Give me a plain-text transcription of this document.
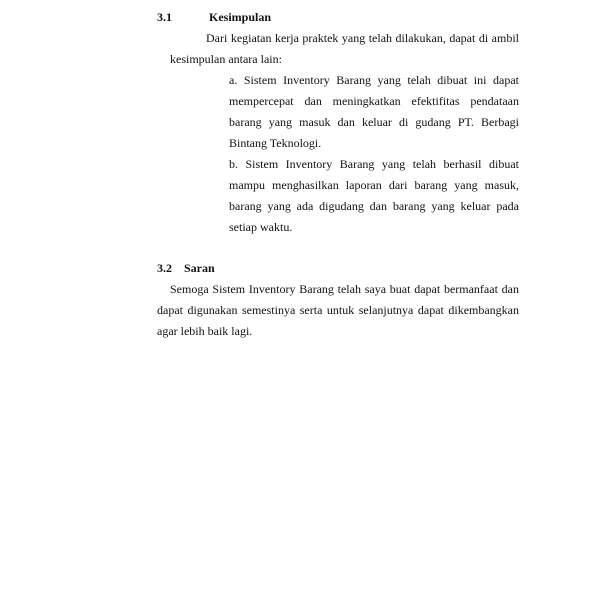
3.1	Kesimpulan
Dari kegiatan kerja praktek yang telah dilakukan, dapat di ambil
kesimpulan antara lain:
a. Sistem Inventory Barang yang telah dibuat ini dapat
mempercepat dan meningkatkan efektifitas pendataan
barang yang masuk dan keluar di gudang PT. Berbagi
Bintang Teknologi.
b. Sistem Inventory Barang yang telah berhasil dibuat
mampu menghasilkan laporan dari barang yang masuk,
barang yang ada digudang dan barang yang keluar pada
setiap waktu.
3.2 Saran
Semoga Sistem Inventory Barang telah saya buat dapat bermanfaat dan
dapat digunakan semestinya serta untuk selanjutnya dapat dikembangkan
agar lebih baik lagi.
